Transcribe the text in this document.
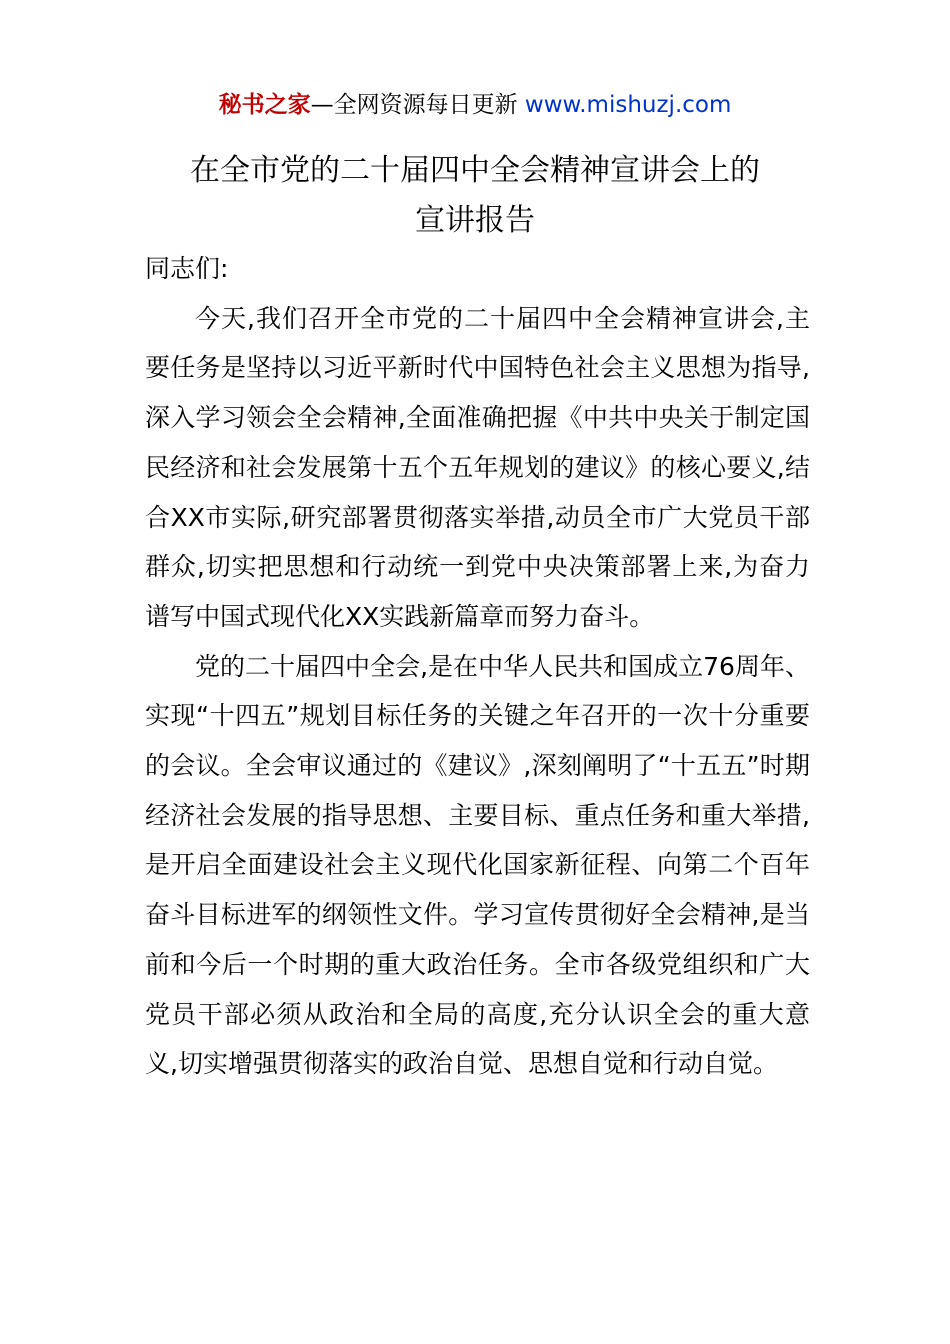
秘书之家—全网资源每日更新 www.mishuzj.com
在全市党的二十届四中全会精神宣讲会上的
宣讲报告

同志们:

今天,我们召开全市党的二十届四中全会精神宣讲会,主要任务是坚持以习近平新时代中国特色社会主义思想为指导,深入学习领会全会精神,全面准确把握《中共中央关于制定国民经济和社会发展第十五个五年规划的建议》的核心要义,结合XX市实际,研究部署贯彻落实举措,动员全市广大党员干部群众,切实把思想和行动统一到党中央决策部署上来,为奋力谱写中国式现代化XX实践新篇章而努力奋斗。

党的二十届四中全会,是在中华人民共和国成立76周年、实现“十四五”规划目标任务的关键之年召开的一次十分重要的会议。全会审议通过的《建议》,深刻阐明了“十五五”时期经济社会发展的指导思想、主要目标、重点任务和重大举措,是开启全面建设社会主义现代化国家新征程、向第二个百年奋斗目标进军的纲领性文件。学习宣传贯彻好全会精神,是当前和今后一个时期的重大政治任务。全市各级党组织和广大党员干部必须从政治和全局的高度,充分认识全会的重大意义,切实增强贯彻落实的政治自觉、思想自觉和行动自觉。
